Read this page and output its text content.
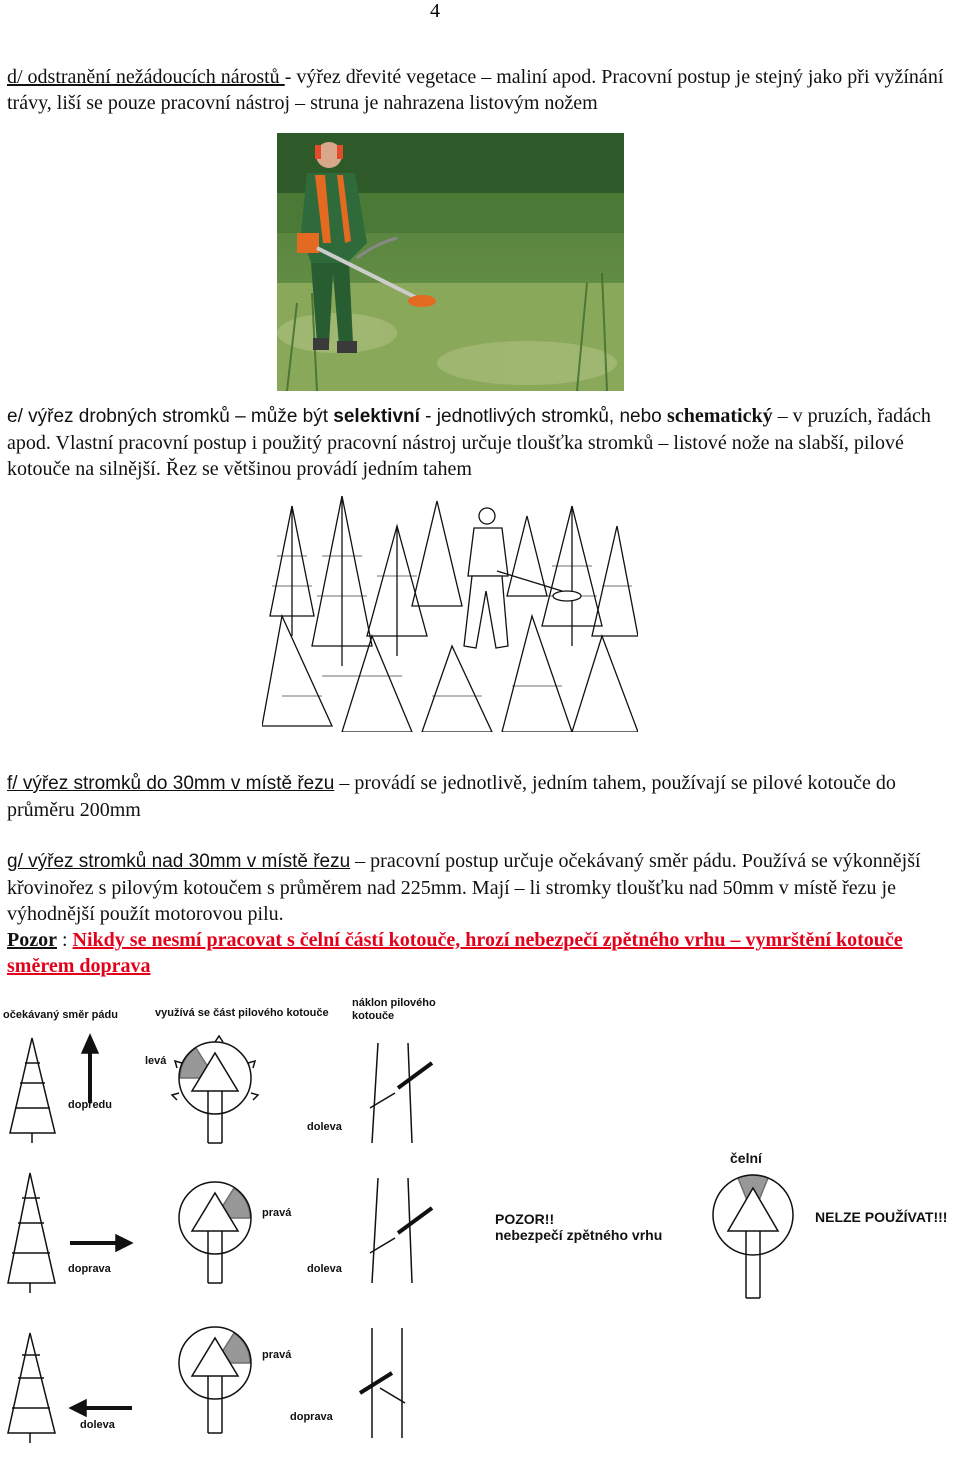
4

d/ odstranění nežádoucích nárostů - výřez dřevité vegetace – maliní apod. Pracovní postup je stejný jako při vyžínání trávy, liší se pouze pracovní nástroj – struna je nahrazena listovým nožem

e/ výřez drobných stromků – může být selektivní - jednotlivých stromků, nebo schematický – v pruzích, řadách apod. Vlastní pracovní postup i použitý pracovní nástroj určuje tloušťka stromků – listové nože na slabší, pilové kotouče na silnější. Řez se většinou provádí jedním tahem

f/ výřez stromků do 30mm v místě řezu – provádí se jednotlivě, jedním tahem, používají se pilové kotouče do průměru 200mm

g/ výřez stromků nad 30mm v místě řezu – pracovní postup určuje očekávaný směr pádu. Používá se výkonnější křovinořez s pilovým kotoučem s průměrem nad 225mm. Mají – li stromky tloušťku nad 50mm v místě řezu je výhodnější použít motorovou pilu.
Pozor : Nikdy se nesmí pracovat s čelní částí kotouče, hrozí nebezpečí zpětného vrhu – vymrštění kotouče směrem doprava

očekávaný směr pádu	využívá se část pilového kotouče
náklon pilového kotouče
dopředu
levá
doleva
doprava
pravá
doleva
doleva
pravá
doprava
čelní
POZOR!!
nebezpečí zpětného vrhu
NELZE POUŽÍVAT!!!
